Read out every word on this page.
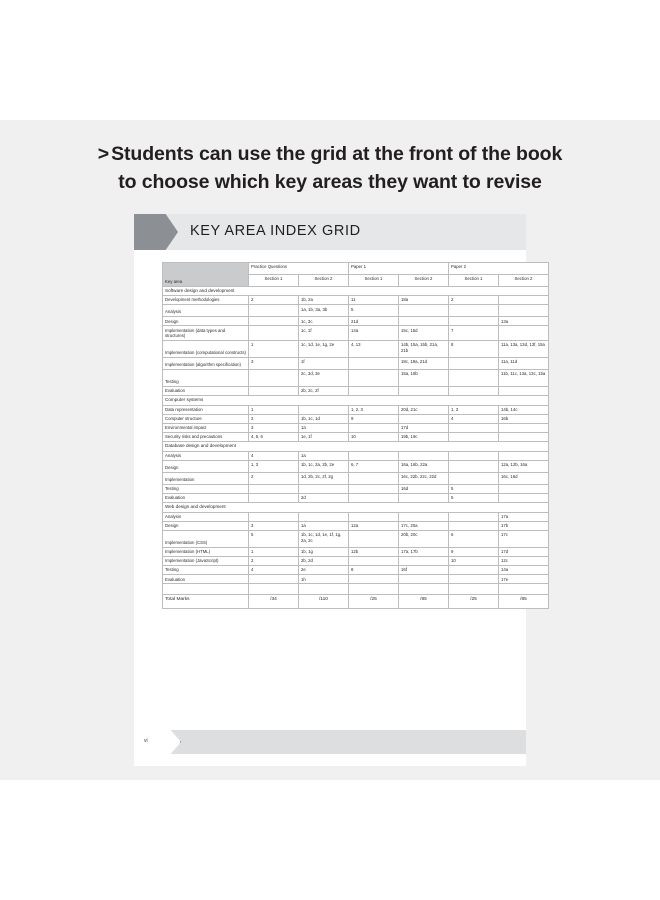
> Students can use the grid at the front of the book
to choose which key areas they want to revise
KEY AREA INDEX GRID
Key area	Practice Questions		Paper 1		Paper 2	
	Section 1	Section 2	Section 1	Section 2	Section 1	Section 2
Software design and development						
Development methodologies	2	1b, 2a	11	18a	2	
Analysis		1a, 1b, 3a, 3b	5			
Design		1c, 3c	21d			13a
Implementation (data types and structures)		1c, 1f	14a	15c, 15d	7	
Implementation (computational constructs)	1	1c, 1d, 1e, 1g, 2e	4, 13	14b, 15a, 15b, 21a, 21b	8	11a, 13a, 13d, 13f, 15a
Implementation (algorithm specification)	3	1f		18c, 19a, 21d		11a, 11d
Testing		2c, 3d, 3e		15a, 18b		11b, 11c, 13a, 13c, 15a
Evaluation		2b, 2c, 2f				
Computer systems						
Data representation	1		1, 2, 3	20d, 21c	1, 3	14b, 14c
Computer structure	2	1b, 1c, 1d	9		4	16b
Environmental impact	3	1a		17d		
Security risks and precautions	4, 5, 6	1e, 1f	10	19b, 19c		
Database design and development						
Analysis	4	1a				
Design	1, 3	1b, 1c, 2a, 2b, 2e	6, 7	16a, 16b, 22a		12a, 12b, 16a
Implementation	2	1d, 2b, 2c, 2f, 2g		16c, 22b, 22c, 22d		16c, 16d
Testing				16d	5	
Evaluation		2d			5	
Web design and development						
Analysis						17a
Design	3	1a	12a	17c, 20a		17b
Implementation (CSS)	5	1b, 1c, 1d, 1e, 1f, 1g, 2a, 2c		20b, 20c	6	17c
Implementation (HTML)	1	1b, 1g	12b	17a, 17b	9	17d
Implementation (JavaScript)	2	2b, 2d			10	12c
Testing	4	2e	8	16f		14a
Evaluation		1h				17e

Total Marks	/34	/110	/25	/85	/25	/85
vi
